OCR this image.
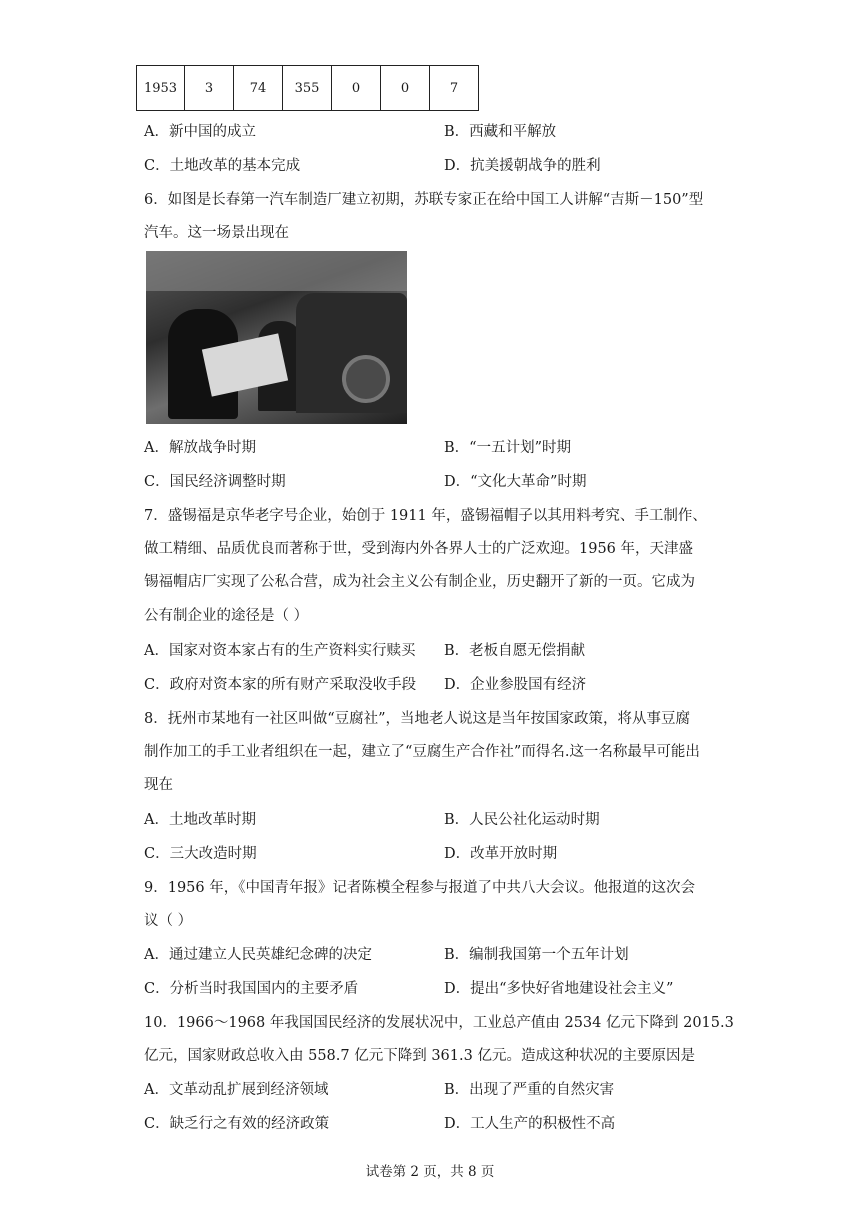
1953	3	74	355	0	0	7
A．新中国的成立	B．西藏和平解放
C．土地改革的基本完成	D．抗美援朝战争的胜利
6．如图是长春第一汽车制造厂建立初期，苏联专家正在给中国工人讲解“吉斯－150”型
汽车。这一场景出现在
A．解放战争时期	B．“一五计划”时期
C．国民经济调整时期	D．“文化大革命”时期
7．盛锡福是京华老字号企业，始创于 1911 年，盛锡福帽子以其用料考究、手工制作、
做工精细、品质优良而著称于世，受到海内外各界人士的广泛欢迎。1956 年，天津盛
锡福帽店厂实现了公私合营，成为社会主义公有制企业，历史翻开了新的一页。它成为
公有制企业的途径是（ ）
A．国家对资本家占有的生产资料实行赎买 B．老板自愿无偿捐献
C．政府对资本家的所有财产采取没收手段 D．企业参股国有经济
8．抚州市某地有一社区叫做“豆腐社”，当地老人说这是当年按国家政策，将从事豆腐
制作加工的手工业者组织在一起，建立了“豆腐生产合作社”而得名.这一名称最早可能出
现在
A．土地改革时期	B．人民公社化运动时期
C．三大改造时期	D．改革开放时期
9．1956 年，《中国青年报》记者陈模全程参与报道了中共八大会议。他报道的这次会
议（ ）
A．通过建立人民英雄纪念碑的决定	B．编制我国第一个五年计划
C．分析当时我国国内的主要矛盾	D．提出“多快好省地建设社会主义”
10．1966～1968 年我国国民经济的发展状况中，工业总产值由 2534 亿元下降到 2015.3
亿元，国家财政总收入由 558.7 亿元下降到 361.3 亿元。造成这种状况的主要原因是
A．文革动乱扩展到经济领域	B．出现了严重的自然灾害
C．缺乏行之有效的经济政策	D．工人生产的积极性不高
试卷第 2 页，共 8 页
